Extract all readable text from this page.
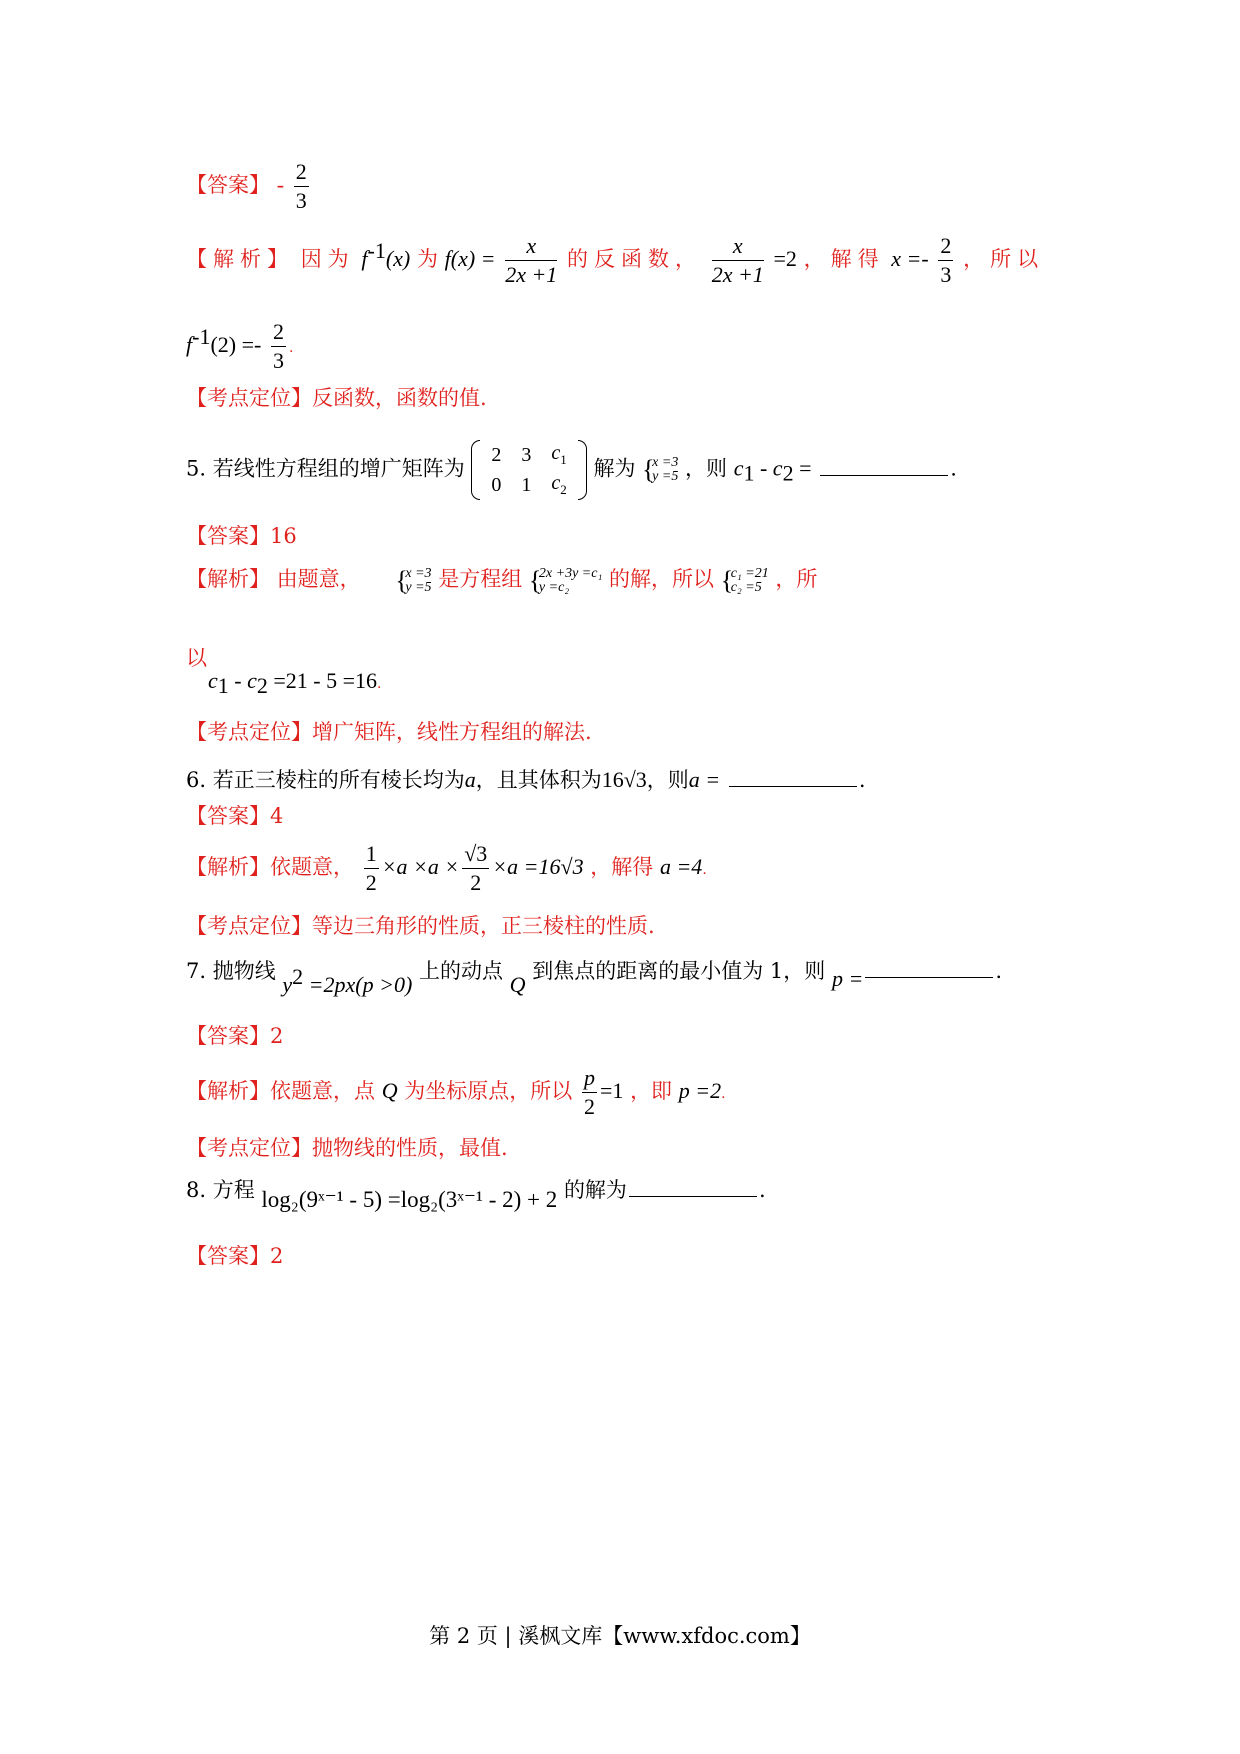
【答案】 - $\frac{2}{3}$
【解析】 因为 $f^{-1}(x)$ 为 $f(x) = \frac{x}{2x +1}$ 的反函数， $\frac{x}{2x +1} =2$ ，解得 $x =- \frac{2}{3}$ ，所以
$f^{-1}(2) =- \frac{2}{3}$ .
【考点定位】反函数，函数的值.
5. 若线性方程组的增广矩阵为
2	3	$c_1$
0	1	$c_2$
解为 { x =3
y =5 ，则 $c_1 - c_2$ =	.
【答案】16
【解析】 由题意，	{ x =3
y =5 是方程组 { 2x +3y =c₁
y =c₂	的解，所以 { c₁ =21
c₂ =5 ，所
以
$c_1 - c_2 =21 - 5 =16$.
【考点定位】增广矩阵，线性方程组的解法.
6. 若正三棱柱的所有棱长均为a，且其体积为16√3，则a =	.
【答案】4
【解析】依题意， $\frac{1}{2} \times a \times a \times \frac{√3}{2} \times a =16√3$ ，解得 a =4.
【考点定位】等边三角形的性质，正三棱柱的性质.
7. 抛物线 $y^2 =2px(p >0)$ 上的动点 Q 到焦点的距离的最小值为 1，则 p =	.
【答案】2
【解析】依题意，点 Q 为坐标原点，所以 $\frac{p}{2} =1$ ，即 p =2.
【考点定位】抛物线的性质，最值.
8. 方程 log₂(9ˣ⁻¹ - 5) =log₂(3ˣ⁻¹ - 2) + 2 的解为	.
【答案】2
第 2 页 | 溪枫文库【www.xfdoc.com】
